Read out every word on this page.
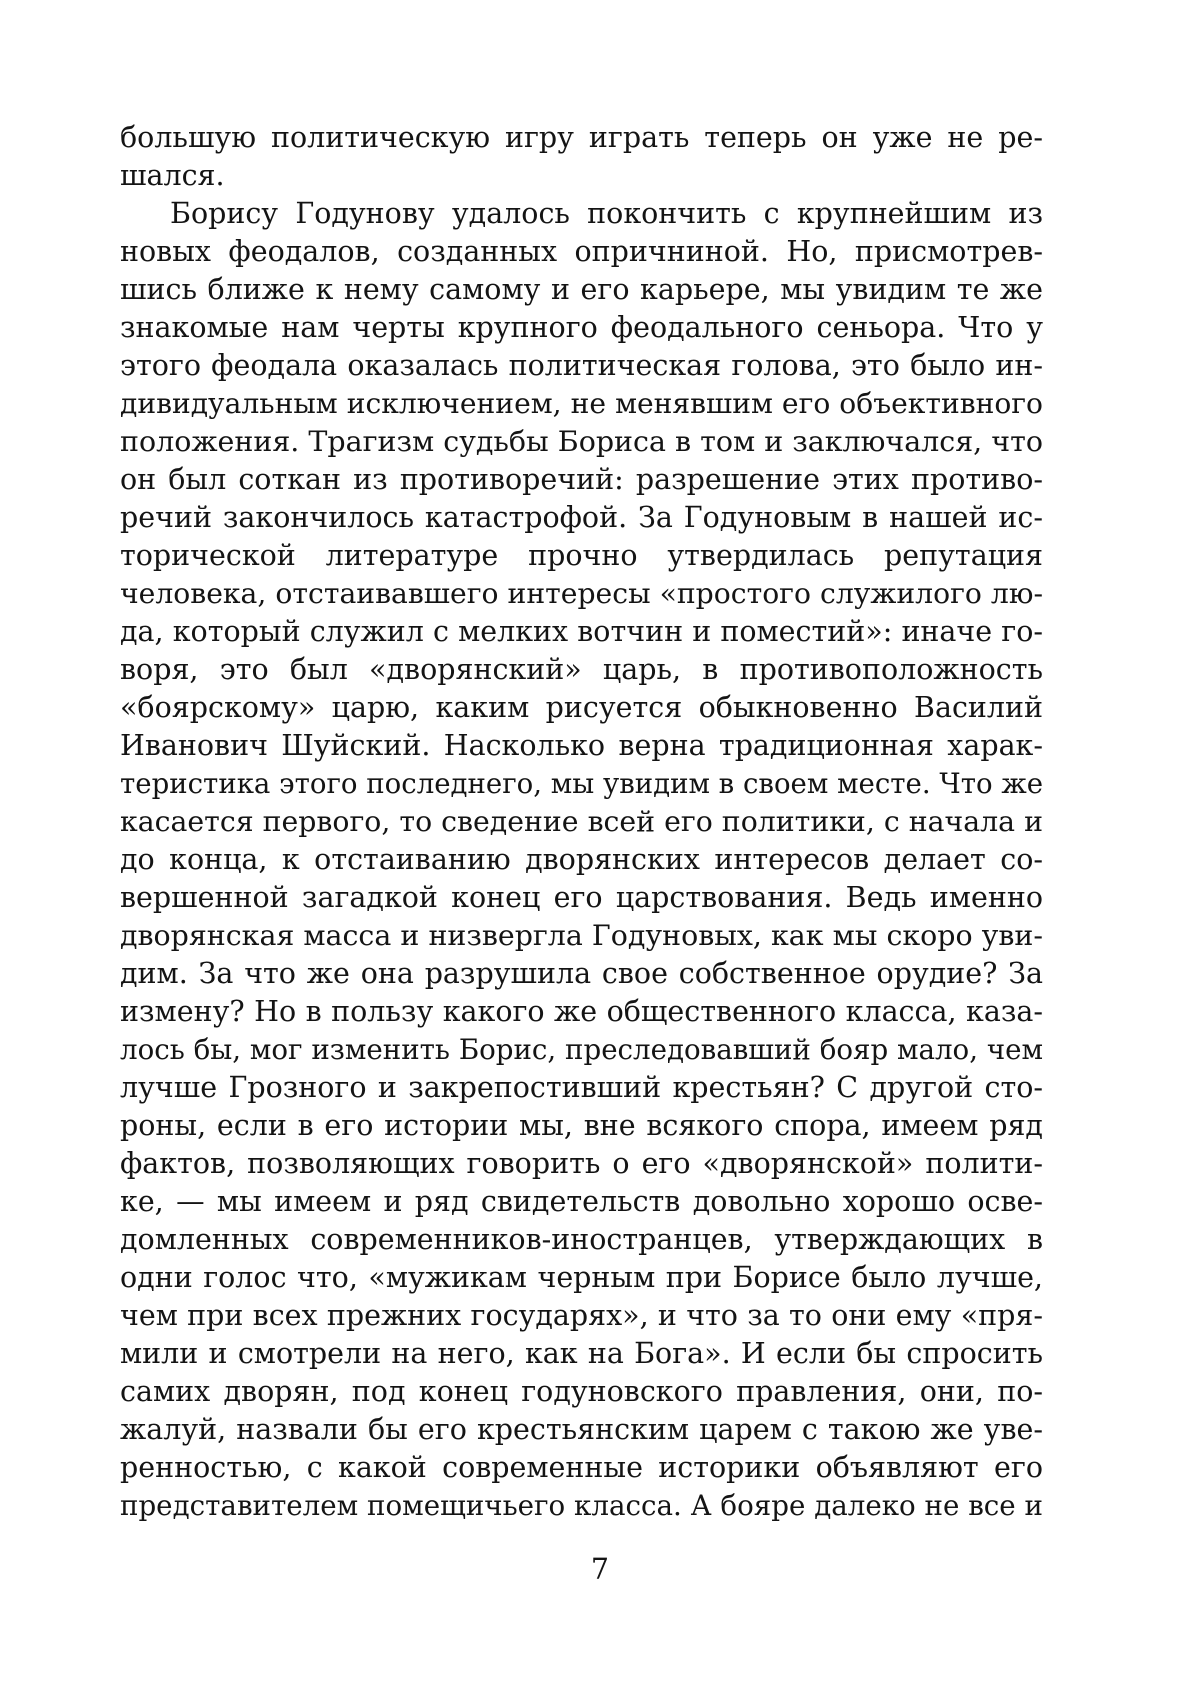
большую политическую игру играть теперь он уже не ре-
шался.
Борису Годунову удалось покончить с крупнейшим из
новых феодалов, созданных опричниной. Но, присмотрев-
шись ближе к нему самому и его карьере, мы увидим те же
знакомые нам черты крупного феодального сеньора. Что у
этого феодала оказалась политическая голова, это было ин-
дивидуальным исключением, не менявшим его объективного
положения. Трагизм судьбы Бориса в том и заключался, что
он был соткан из противоречий: разрешение этих противо-
речий закончилось катастрофой. За Годуновым в нашей ис-
торической литературе прочно утвердилась репутация
человека, отстаивавшего интересы «простого служилого лю-
да, который служил с мелких вотчин и поместий»: иначе го-
воря, это был «дворянский» царь, в противоположность
«боярскому» царю, каким рисуется обыкновенно Василий
Иванович Шуйский. Насколько верна традиционная харак-
теристика этого последнего, мы увидим в своем месте. Что же
касается первого, то сведение всей его политики, с начала и
до конца, к отстаиванию дворянских интересов делает со-
вершенной загадкой конец его царствования. Ведь именно
дворянская масса и низвергла Годуновых, как мы скоро уви-
дим. За что же она разрушила свое собственное орудие? За
измену? Но в пользу какого же общественного класса, каза-
лось бы, мог изменить Борис, преследовавший бояр мало, чем
лучше Грозного и закрепостивший крестьян? С другой сто-
роны, если в его истории мы, вне всякого спора, имеем ряд
фактов, позволяющих говорить о его «дворянской» полити-
ке, — мы имеем и ряд свидетельств довольно хорошо осве-
домленных современников-иностранцев, утверждающих в
одни голос что, «мужикам черным при Борисе было лучше,
чем при всех прежних государях», и что за то они ему «пря-
мили и смотрели на него, как на Бога». И если бы спросить
самих дворян, под конец годуновского правления, они, по-
жалуй, назвали бы его крестьянским царем с такою же уве-
ренностью, с какой современные историки объявляют его
представителем помещичьего класса. А бояре далеко не все и
7
